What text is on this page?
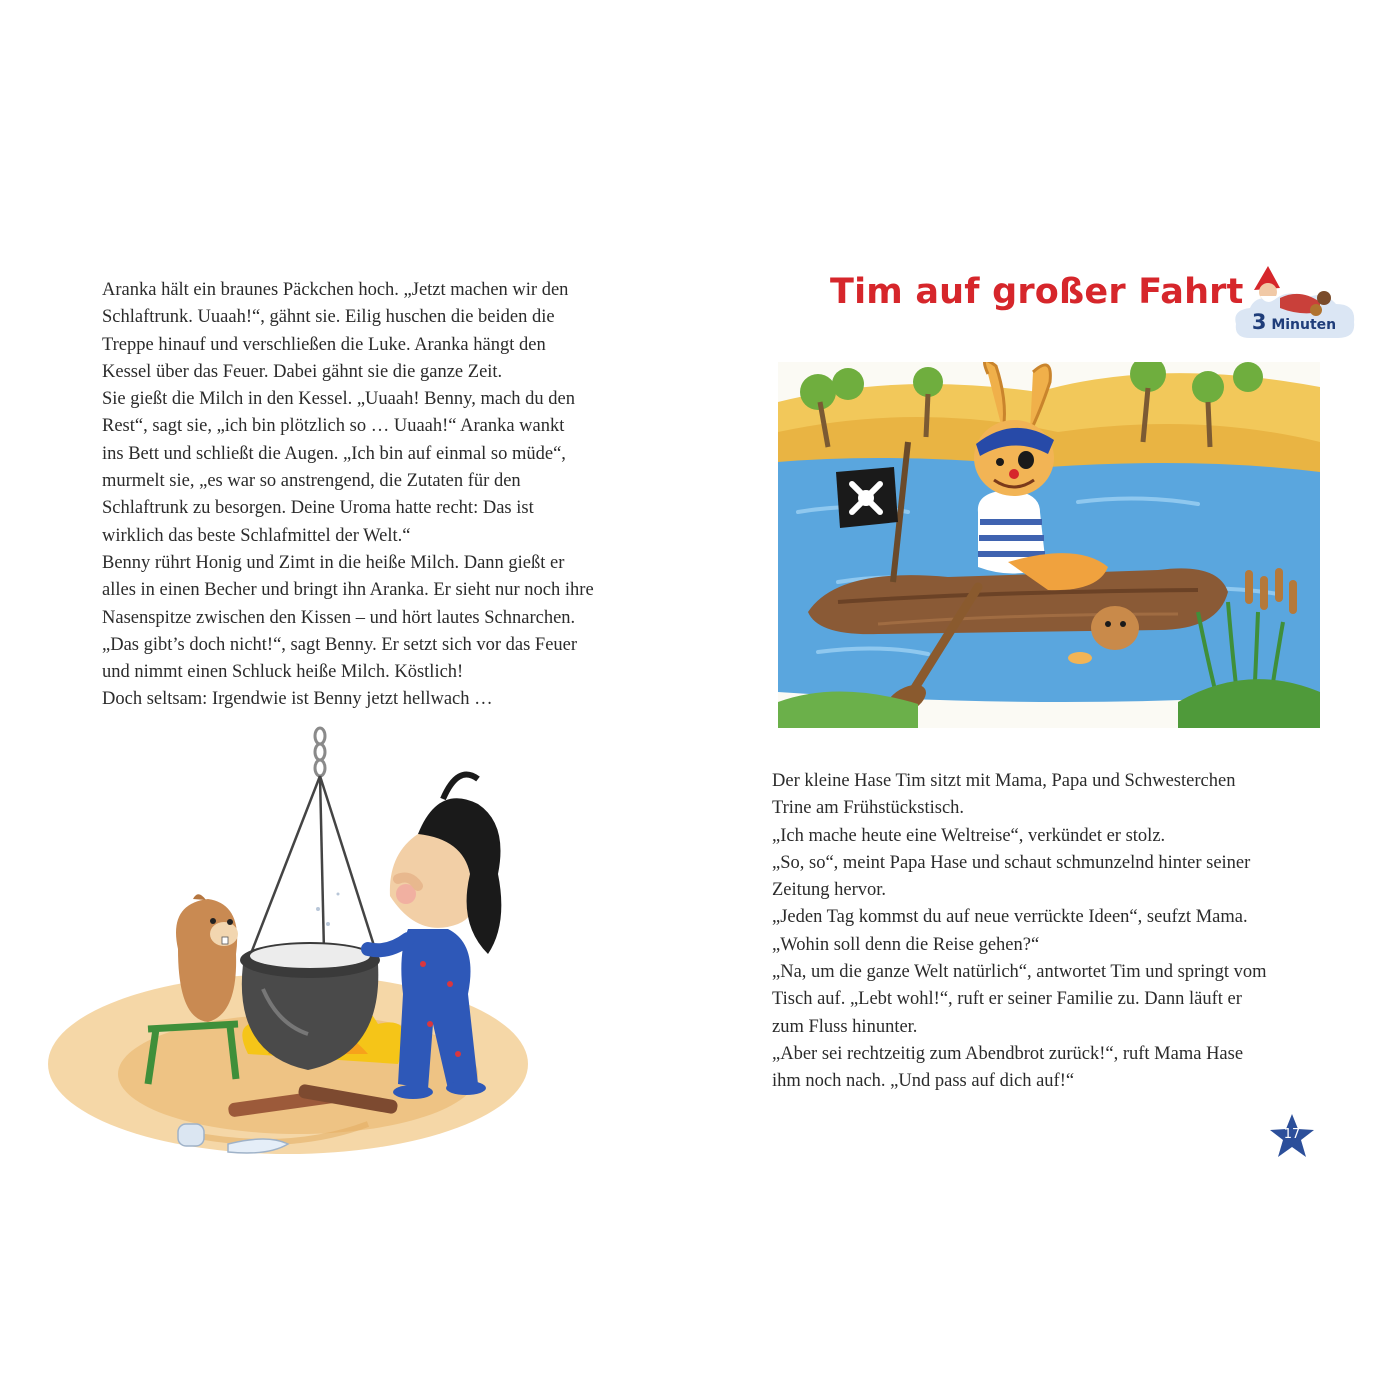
Aranka hält ein braunes Päckchen hoch. „Jetzt machen wir den
Schlaftrunk. Uuaah!“, gähnt sie. Eilig huschen die beiden die
Treppe hinauf und verschließen die Luke. Aranka hängt den
Kessel über das Feuer. Dabei gähnt sie die ganze Zeit.
Sie gießt die Milch in den Kessel. „Uuaah! Benny, mach du den
Rest“, sagt sie, „ich bin plötzlich so … Uuaah!“ Aranka wankt
ins Bett und schließt die Augen. „Ich bin auf einmal so müde“,
murmelt sie, „es war so anstrengend, die Zutaten für den
Schlaftrunk zu besorgen. Deine Uroma hatte recht: Das ist
wirklich das beste Schlafmittel der Welt.“
Benny rührt Honig und Zimt in die heiße Milch. Dann gießt er
alles in einen Becher und bringt ihn Aranka. Er sieht nur noch ihre
Nasenspitze zwischen den Kissen – und hört lautes Schnarchen.
„Das gibt’s doch nicht!“, sagt Benny. Er setzt sich vor das Feuer
und nimmt einen Schluck heiße Milch. Köstlich!
Doch seltsam: Irgendwie ist Benny jetzt hellwach …
Tim auf großer Fahrt
3 Minuten
Der kleine Hase Tim sitzt mit Mama, Papa und Schwesterchen
Trine am Frühstückstisch.
„Ich mache heute eine Weltreise“, verkündet er stolz.
„So, so“, meint Papa Hase und schaut schmunzelnd hinter seiner
Zeitung hervor.
„Jeden Tag kommst du auf neue verrückte Ideen“, seufzt Mama.
„Wohin soll denn die Reise gehen?“
„Na, um die ganze Welt natürlich“, antwortet Tim und springt vom
Tisch auf. „Lebt wohl!“, ruft er seiner Familie zu. Dann läuft er
zum Fluss hinunter.
„Aber sei rechtzeitig zum Abendbrot zurück!“, ruft Mama Hase
ihm noch nach. „Und pass auf dich auf!“
17
